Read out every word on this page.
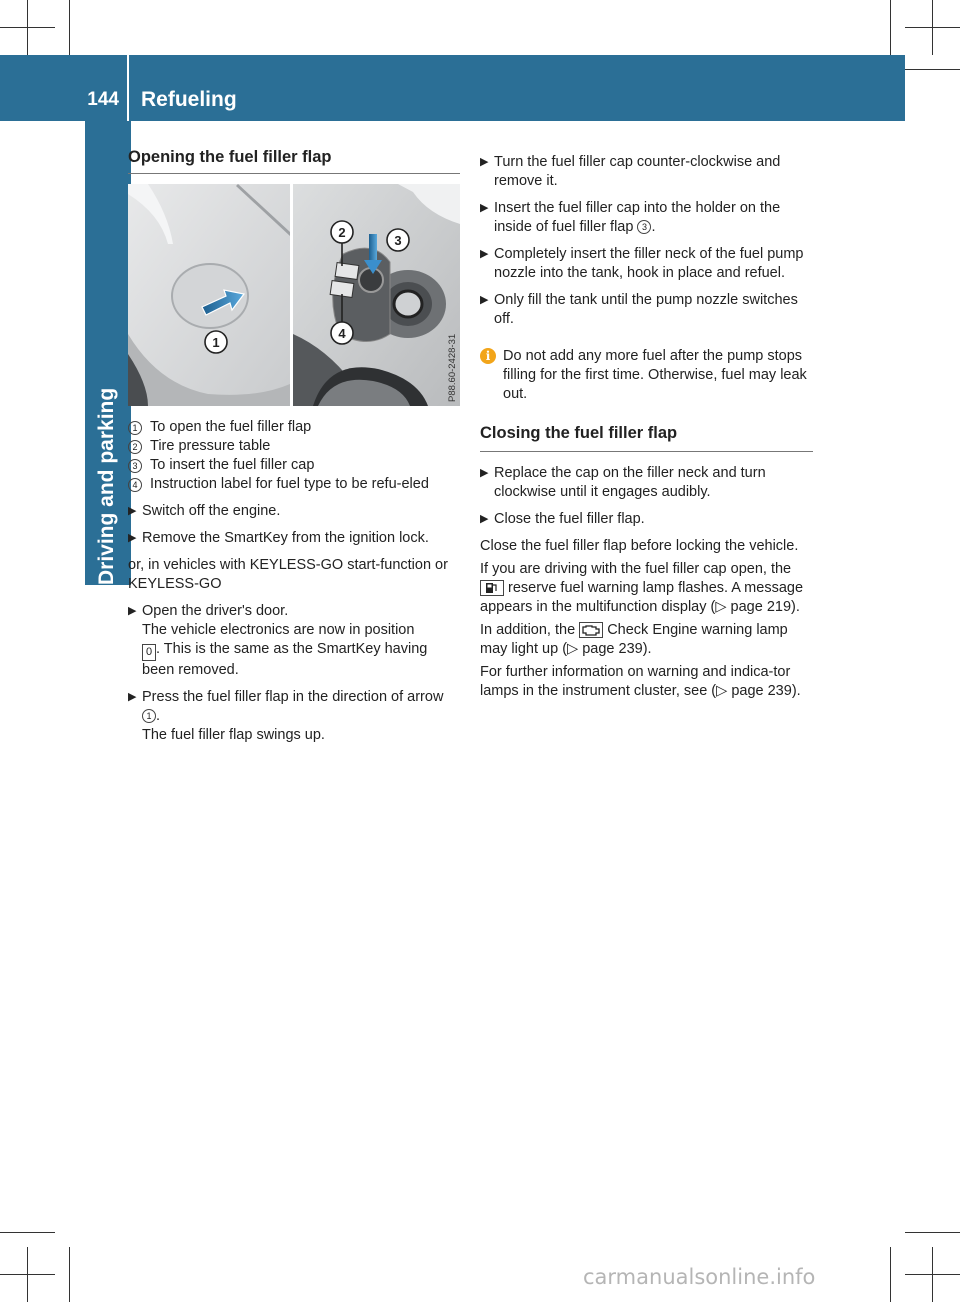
144 Refueling
Driving and parking
Opening the fuel filler flap
1
2
3
4
P88.60-2428-31
1 To open the fuel filler flap
2 Tire pressure table
3 To insert the fuel filler cap
4 Instruction label for fuel type to be refu-eled
▶ Switch off the engine.
▶ Remove the SmartKey from the ignition lock.
or, in vehicles with KEYLESS-GO start-function or KEYLESS-GO
▶ Open the driver's door.
The vehicle electronics are now in position
0 . This is the same as the SmartKey having been removed.
▶ Press the fuel filler flap in the direction of arrow 1 .
The fuel filler flap swings up.
▶ Turn the fuel filler cap counter-clockwise and remove it.
▶ Insert the fuel filler cap into the holder on the inside of fuel filler flap 3 .
▶ Completely insert the filler neck of the fuel pump nozzle into the tank, hook in place and refuel.
▶ Only fill the tank until the pump nozzle switches off.
i Do not add any more fuel after the pump stops filling for the first time. Otherwise, fuel may leak out.
Closing the fuel filler flap
▶ Replace the cap on the filler neck and turn clockwise until it engages audibly.
▶ Close the fuel filler flap.
Close the fuel filler flap before locking the vehicle.
If you are driving with the fuel filler cap open, the  reserve fuel warning lamp flashes. A message appears in the multifunction display (▷ page 219).
In addition, the Check Engine warning lamp may light up (▷ page 239).
For further information on warning and indica-tor lamps in the instrument cluster, see (▷ page 239).
carmanualsonline.info
